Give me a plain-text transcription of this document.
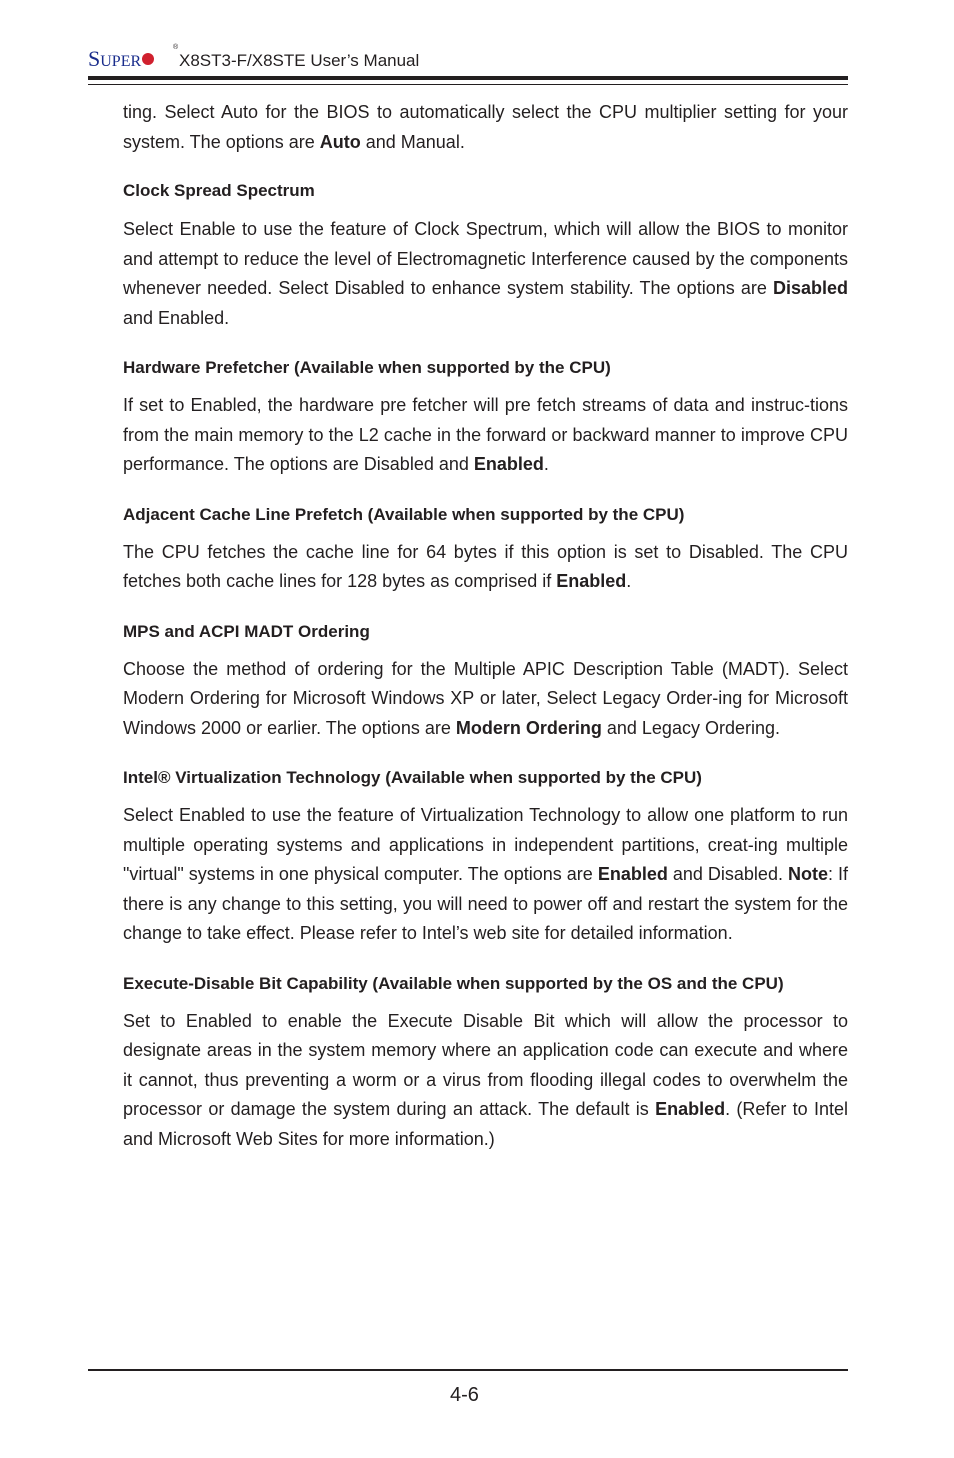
SUPER
®
X8ST3-F/X8STE User’s Manual

ting. Select Auto for the BIOS to automatically select the CPU multiplier setting for your system. The options are Auto and Manual.

Clock Spread Spectrum

Select Enable to use the feature of Clock Spectrum, which will allow the BIOS to monitor and attempt to reduce the level of Electromagnetic Interference caused by the components whenever needed. Select Disabled to enhance system stability. The options are Disabled and Enabled.

Hardware Prefetcher (Available when supported by the CPU)

If set to Enabled, the hardware pre fetcher will pre fetch streams of data and instruc-tions from the main memory to the L2 cache in the forward or backward manner to improve CPU performance. The options are Disabled and Enabled.

Adjacent Cache Line Prefetch (Available when supported by the CPU)

The CPU fetches the cache line for 64 bytes if this option is set to Disabled. The CPU fetches both cache lines for 128 bytes as comprised if Enabled.

MPS and ACPI MADT Ordering

Choose the method of ordering for the Multiple APIC Description Table (MADT). Select Modern Ordering for Microsoft Windows XP or later, Select Legacy Order-ing for Microsoft Windows 2000 or earlier. The options are Modern Ordering and Legacy Ordering.

Intel® Virtualization Technology (Available when supported by the CPU)

Select Enabled to use the feature of Virtualization Technology to allow one platform to run multiple operating systems and applications in independent partitions, creat-ing multiple "virtual" systems in one physical computer. The options are Enabled and Disabled. Note: If there is any change to this setting, you will need to power off and restart the system for the change to take effect. Please refer to Intel’s web site for detailed information.

Execute-Disable Bit Capability (Available when supported by the OS and the CPU)

Set to Enabled to enable the Execute Disable Bit which will allow the processor to designate areas in the system memory where an application code can execute and where it cannot, thus preventing a worm or a virus from flooding illegal codes to overwhelm the processor or damage the system during an attack. The default is Enabled. (Refer to Intel and Microsoft Web Sites for more information.)

4-6
